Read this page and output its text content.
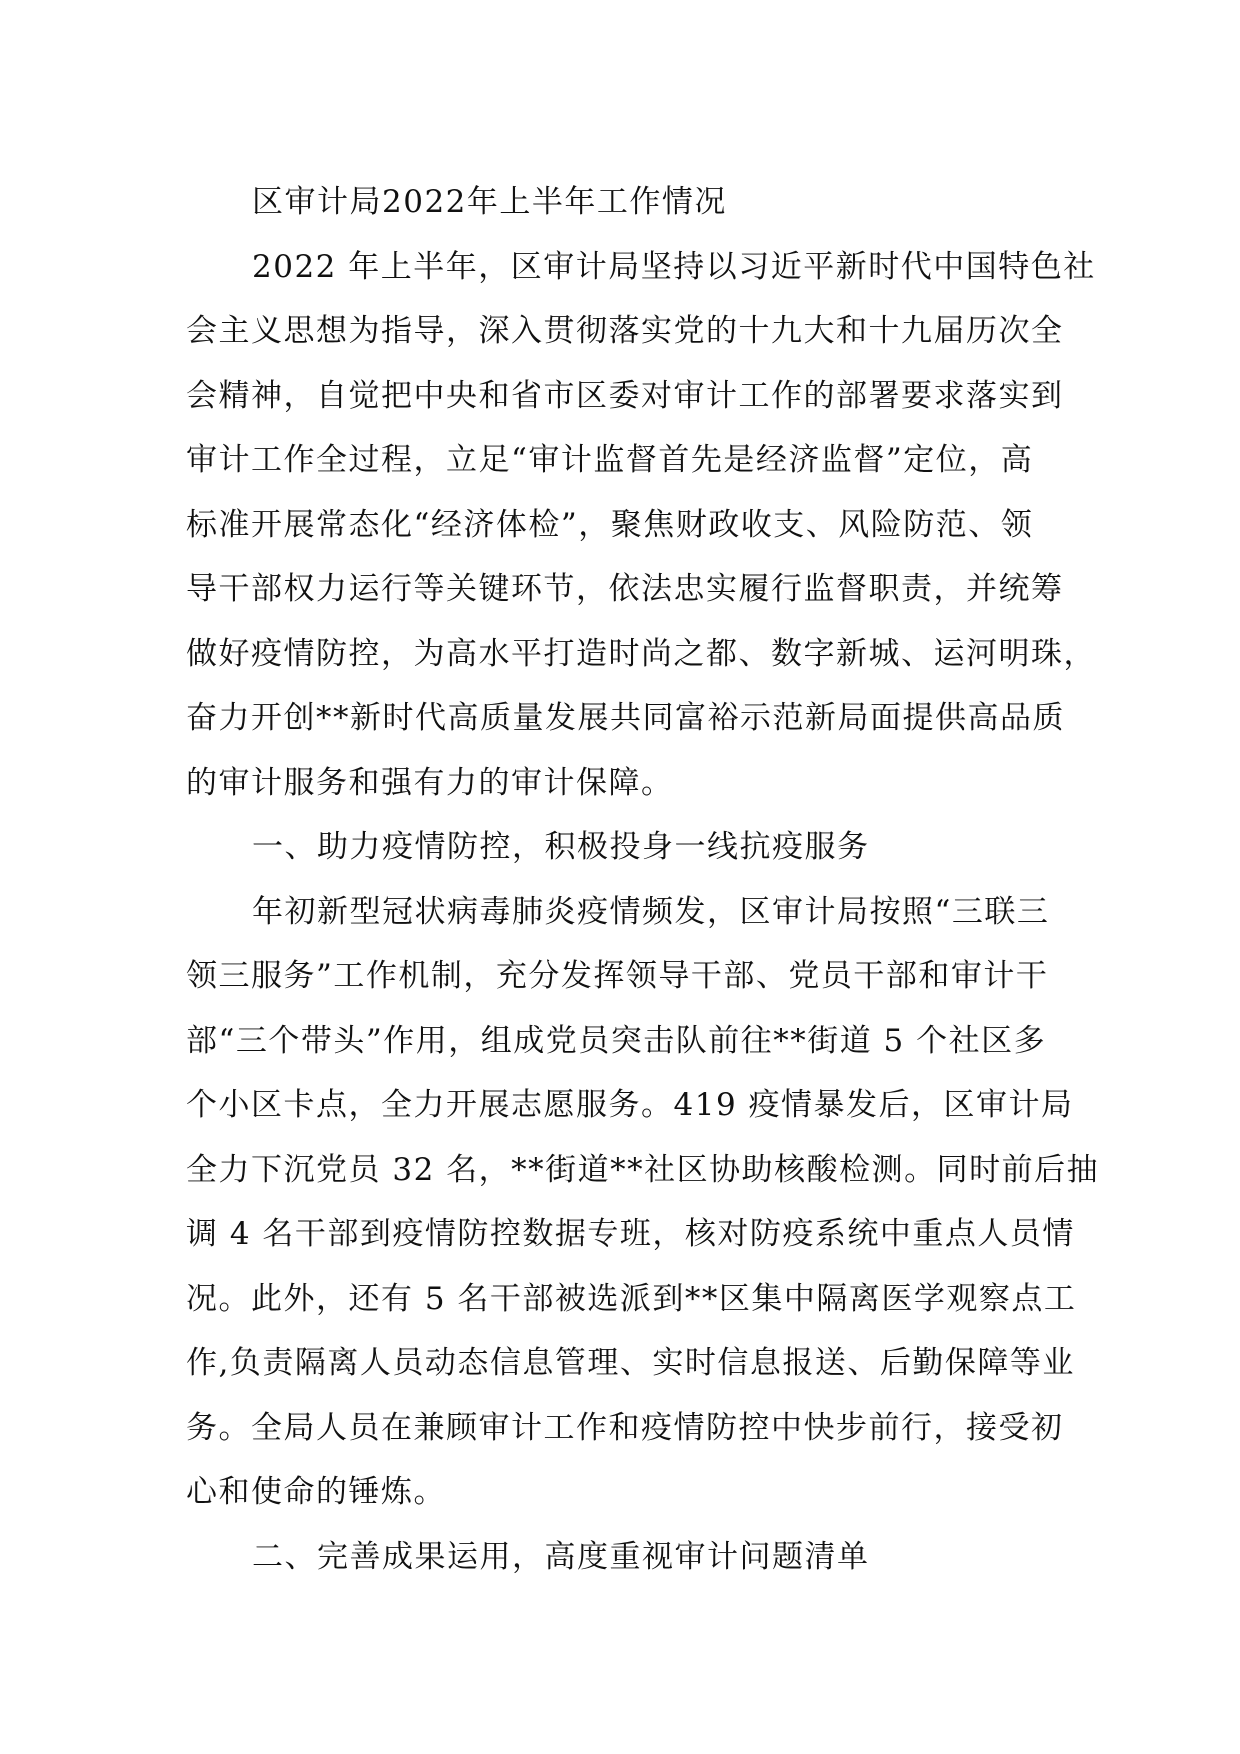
区审计局2022年上半年工作情况
2022 年上半年，区审计局坚持以习近平新时代中国特色社
会主义思想为指导，深入贯彻落实党的十九大和十九届历次全
会精神，自觉把中央和省市区委对审计工作的部署要求落实到
审计工作全过程，立足“审计监督首先是经济监督”定位，高
标准开展常态化“经济体检”，聚焦财政收支、风险防范、领
导干部权力运行等关键环节，依法忠实履行监督职责，并统筹
做好疫情防控，为高水平打造时尚之都、数字新城、运河明珠，
奋力开创**新时代高质量发展共同富裕示范新局面提供高品质
的审计服务和强有力的审计保障。
一、助力疫情防控，积极投身一线抗疫服务
年初新型冠状病毒肺炎疫情频发，区审计局按照“三联三
领三服务”工作机制，充分发挥领导干部、党员干部和审计干
部“三个带头”作用，组成党员突击队前往**街道 5 个社区多
个小区卡点，全力开展志愿服务。419 疫情暴发后，区审计局
全力下沉党员 32 名，**街道**社区协助核酸检测。同时前后抽
调 4 名干部到疫情防控数据专班，核对防疫系统中重点人员情
况。此外，还有 5 名干部被选派到**区集中隔离医学观察点工
作,负责隔离人员动态信息管理、实时信息报送、后勤保障等业
务。全局人员在兼顾审计工作和疫情防控中快步前行，接受初
心和使命的锤炼。
二、完善成果运用，高度重视审计问题清单
